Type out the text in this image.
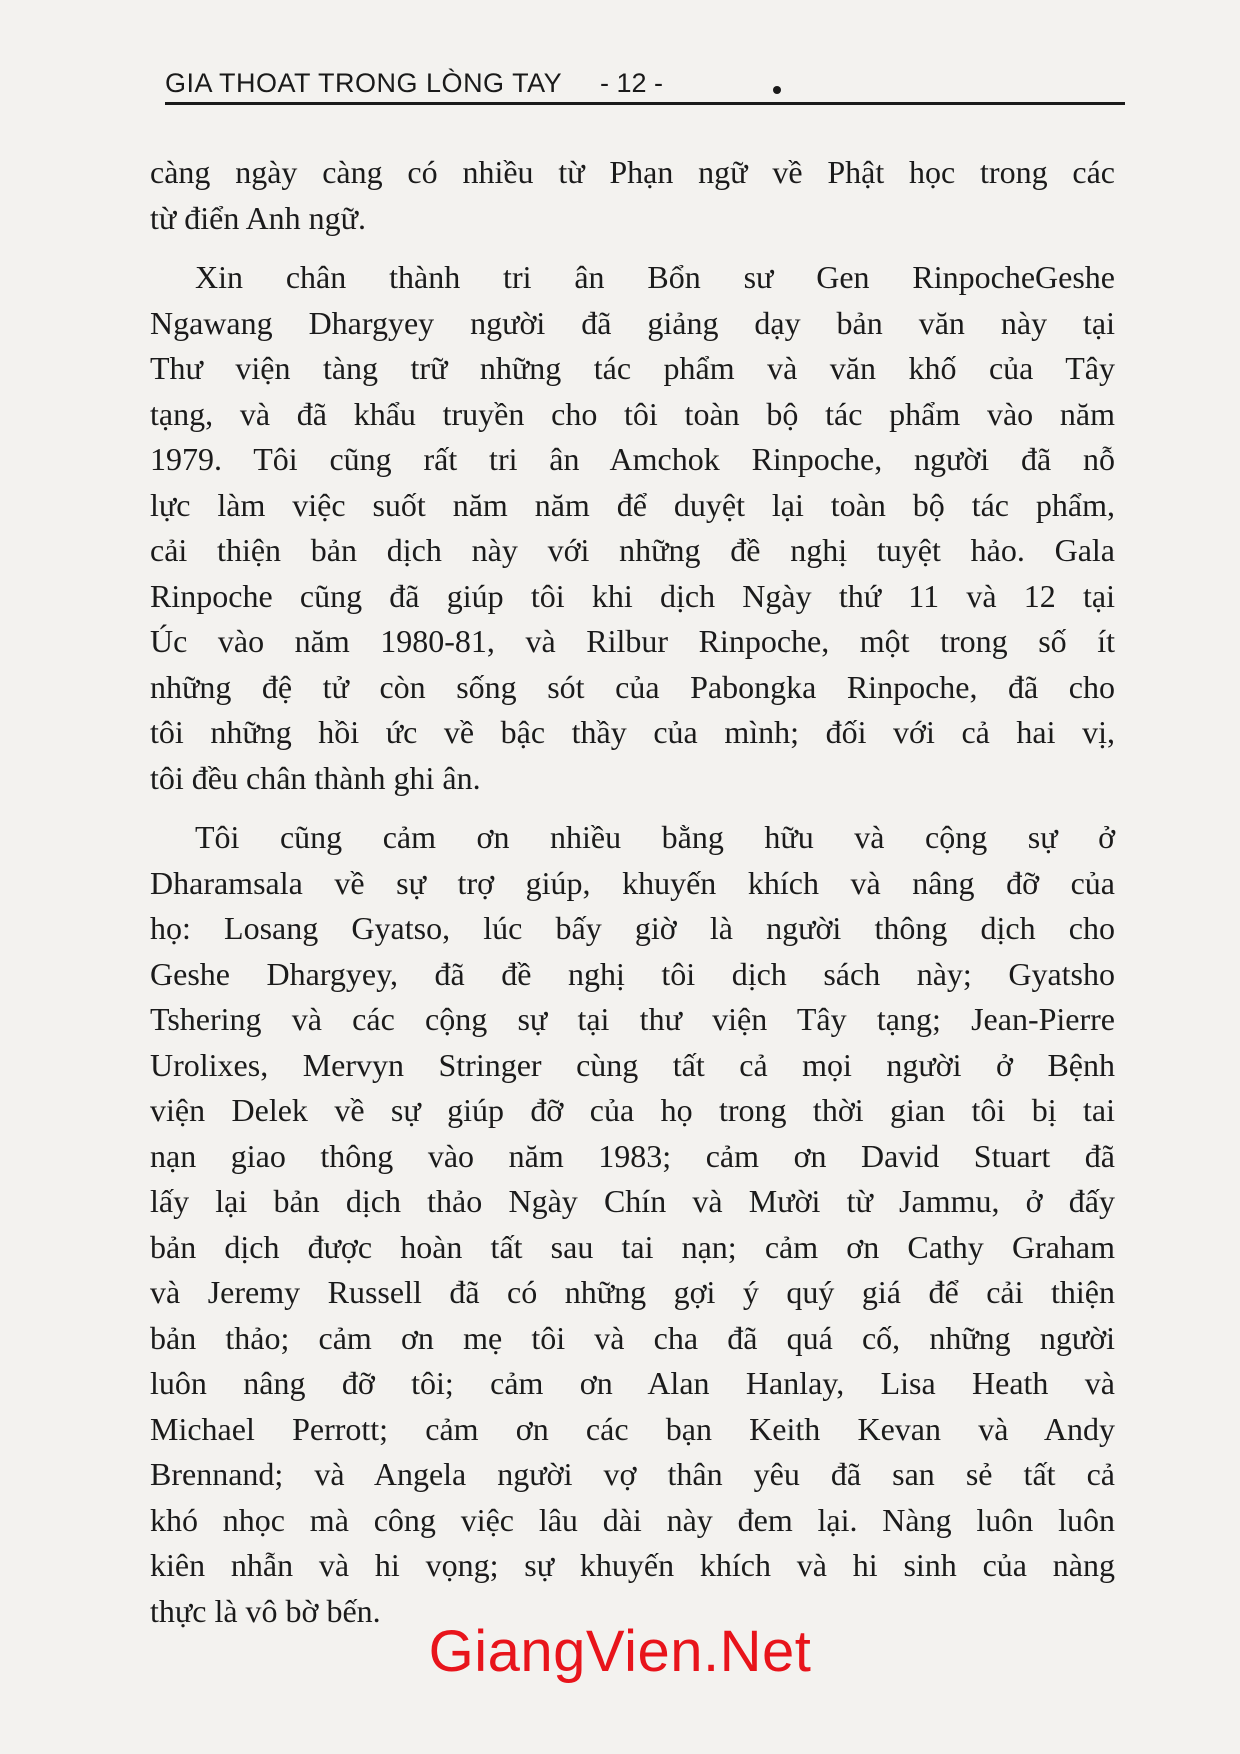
GIA THOAT TRONG LÒNG TAY - 12 -
càng ngày càng có nhiều từ Phạn ngữ về Phật học trong các
từ điển Anh ngữ.
Xin chân thành tri ân Bổn sư Gen RinpocheGeshe
Ngawang Dhargyey người đã giảng dạy bản văn này tại
Thư viện tàng trữ những tác phẩm và văn khố của Tây
tạng, và đã khẩu truyền cho tôi toàn bộ tác phẩm vào năm
1979. Tôi cũng rất tri ân Amchok Rinpoche, người đã nỗ
lực làm việc suốt năm năm để duyệt lại toàn bộ tác phẩm,
cải thiện bản dịch này với những đề nghị tuyệt hảo. Gala
Rinpoche cũng đã giúp tôi khi dịch Ngày thứ 11 và 12 tại
Úc vào năm 1980-81, và Rilbur Rinpoche, một trong số ít
những đệ tử còn sống sót của Pabongka Rinpoche, đã cho
tôi những hồi ức về bậc thầy của mình; đối với cả hai vị,
tôi đều chân thành ghi ân.
Tôi cũng cảm ơn nhiều bằng hữu và cộng sự ở
Dharamsala về sự trợ giúp, khuyến khích và nâng đỡ của
họ: Losang Gyatso, lúc bấy giờ là người thông dịch cho
Geshe Dhargyey, đã đề nghị tôi dịch sách này; Gyatsho
Tshering và các cộng sự tại thư viện Tây tạng; Jean-Pierre
Urolixes, Mervyn Stringer cùng tất cả mọi người ở Bệnh
viện Delek về sự giúp đỡ của họ trong thời gian tôi bị tai
nạn giao thông vào năm 1983; cảm ơn David Stuart đã
lấy lại bản dịch thảo Ngày Chín và Mười từ Jammu, ở đấy
bản dịch được hoàn tất sau tai nạn; cảm ơn Cathy Graham
và Jeremy Russell đã có những gợi ý quý giá để cải thiện
bản thảo; cảm ơn mẹ tôi và cha đã quá cố, những người
luôn nâng đỡ tôi; cảm ơn Alan Hanlay, Lisa Heath và
Michael Perrott; cảm ơn các bạn Keith Kevan và Andy
Brennand; và Angela người vợ thân yêu đã san sẻ tất cả
khó nhọc mà công việc lâu dài này đem lại. Nàng luôn luôn
kiên nhẫn và hi vọng; sự khuyến khích và hi sinh của nàng
thực là vô bờ bến.
GiangVien.Net
